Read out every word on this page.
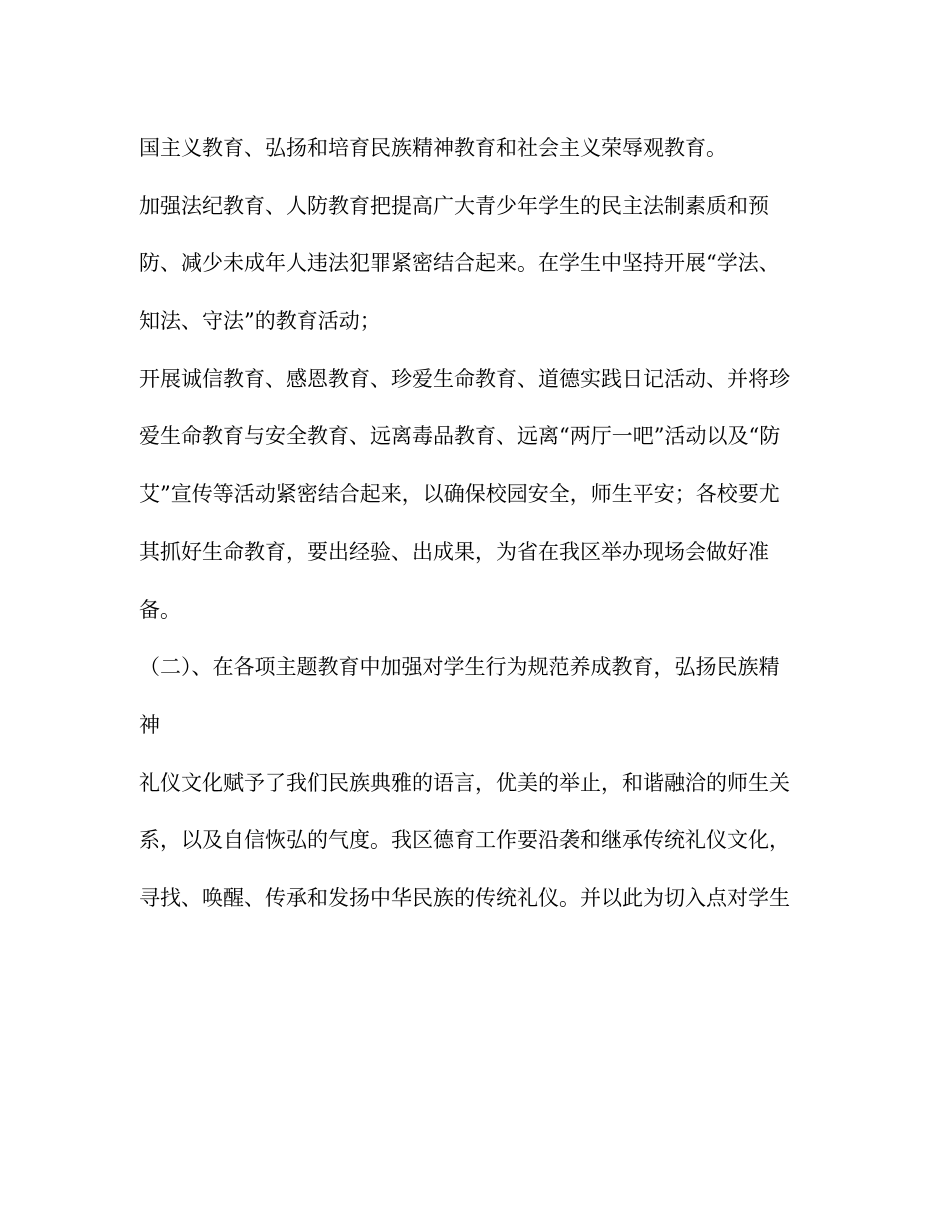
国主义教育、弘扬和培育民族精神教育和社会主义荣辱观教育。
加强法纪教育、人防教育把提高广大青少年学生的民主法制素质和预
防、减少未成年人违法犯罪紧密结合起来。在学生中坚持开展“学法、
知法、守法”的教育活动；
开展诚信教育、感恩教育、珍爱生命教育、道德实践日记活动、并将珍
爱生命教育与安全教育、远离毒品教育、远离“两厅一吧”活动以及“防
艾”宣传等活动紧密结合起来，以确保校园安全，师生平安；各校要尤
其抓好生命教育，要出经验、出成果，为省在我区举办现场会做好准
备。
（二）、在各项主题教育中加强对学生行为规范养成教育，弘扬民族精
神
礼仪文化赋予了我们民族典雅的语言，优美的举止，和谐融洽的师生关
系，以及自信恢弘的气度。我区德育工作要沿袭和继承传统礼仪文化，
寻找、唤醒、传承和发扬中华民族的传统礼仪。并以此为切入点对学生
